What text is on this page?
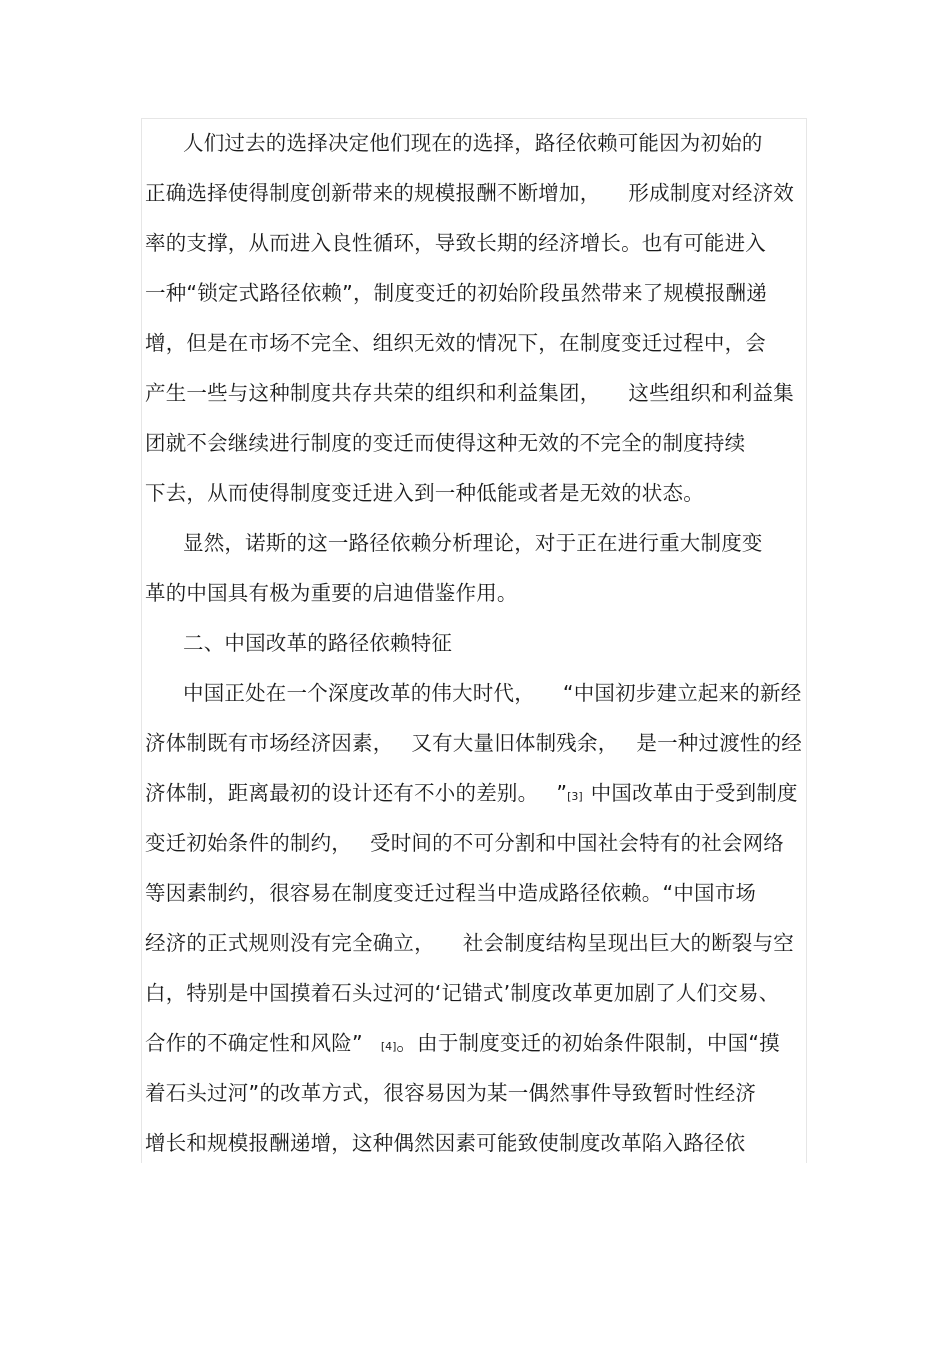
人们过去的选择决定他们现在的选择，路径依赖可能因为初始的
正确选择使得制度创新带来的规模报酬不断增加， 形成制度对经济效
率的支撑，从而进入良性循环，导致长期的经济增长。也有可能进入
一种“锁定式路径依赖”，制度变迁的初始阶段虽然带来了规模报酬递
增，但是在市场不完全、组织无效的情况下，在制度变迁过程中，会
产生一些与这种制度共存共荣的组织和利益集团， 这些组织和利益集
团就不会继续进行制度的变迁而使得这种无效的不完全的制度持续
下去，从而使得制度变迁进入到一种低能或者是无效的状态。
显然，诺斯的这一路径依赖分析理论，对于正在进行重大制度变
革的中国具有极为重要的启迪借鉴作用。
二、中国改革的路径依赖特征
中国正处在一个深度改革的伟大时代， “中国初步建立起来的新经
济体制既有市场经济因素， 又有大量旧体制残余， 是一种过渡性的经
济体制，距离最初的设计还有不小的差别。 ”[3] 中国改革由于受到制度
变迁初始条件的制约， 受时间的不可分割和中国社会特有的社会网络
等因素制约，很容易在制度变迁过程当中造成路径依赖。“中国市场
经济的正式规则没有完全确立， 社会制度结构呈现出巨大的断裂与空
白，特别是中国摸着石头过河的‘记错式’制度改革更加剧了人们交易、
合作的不确定性和风险” [4]。由于制度变迁的初始条件限制，中国“摸
着石头过河”的改革方式，很容易因为某一偶然事件导致暂时性经济
增长和规模报酬递增，这种偶然因素可能致使制度改革陷入路径依
